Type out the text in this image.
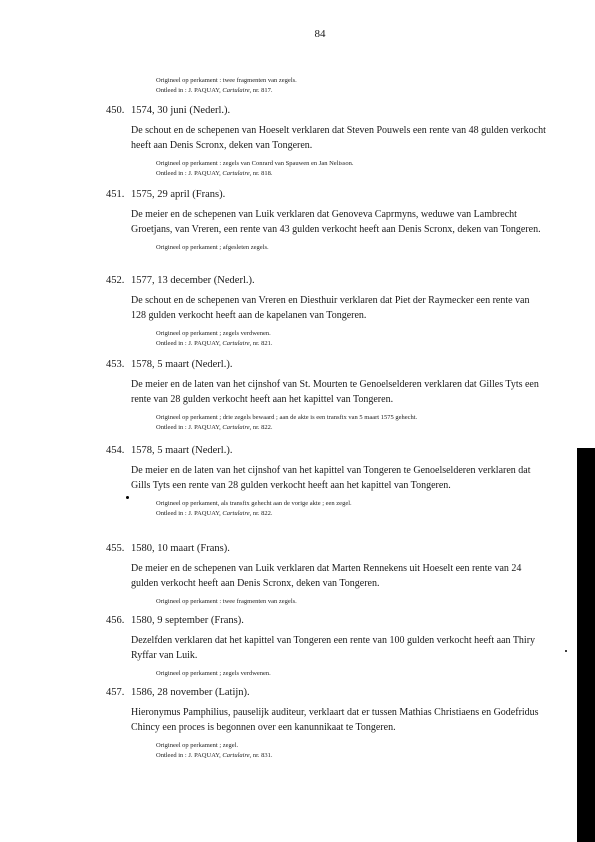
84
Origineel op perkament : twee fragmenten van zegels.
Ontleed in : J. PAQUAY, Cartulaire, nr. 817.
450. 1574, 30 juni (Nederl.).
De schout en de schepenen van Hoeselt verklaren dat Steven Pouwels een rente van 48 gulden verkocht heeft aan Denis Scronx, deken van Tongeren.
Origineel op perkament : zegels van Conrard van Spauwen en Jan Nelisson.
Ontleed in : J. PAQUAY, Cartulaire, nr. 818.
451. 1575, 29 april (Frans).
De meier en de schepenen van Luik verklaren dat Genoveva Caprmyns, weduwe van Lambrecht Groetjans, van Vreren, een rente van 43 gulden verkocht heeft aan Denis Scronx, deken van Tongeren.
Origineel op perkament ; afgesleten zegels.
452. 1577, 13 december (Nederl.).
De schout en de schepenen van Vreren en Diesthuir verklaren dat Piet der Raymecker een rente van 128 gulden verkocht heeft aan de kapelanen van Tongeren.
Origineel op perkament ; zegels verdwenen.
Ontleed in : J. PAQUAY, Cartulaire, nr. 821.
453. 1578, 5 maart (Nederl.).
De meier en de laten van het cijnshof van St. Mourten te Genoelselderen verklaren dat Gilles Tyts een rente van 28 gulden verkocht heeft aan het kapittel van Tongeren.
Origineel op perkament ; drie zegels bewaard ; aan de akte is een transfix van 5 maart 1575 gehecht.
Ontleed in : J. PAQUAY, Cartulaire, nr. 822.
454. 1578, 5 maart (Nederl.).
De meier en de laten van het cijnshof van het kapittel van Tongeren te Genoelselderen verklaren dat Gills Tyts een rente van 28 gulden verkocht heeft aan het kapittel van Tongeren.
Origineel op perkament, als transfix gehecht aan de vorige akte ; een zegel.
Ontleed in : J. PAQUAY, Cartulaire, nr. 822.
455. 1580, 10 maart (Frans).
De meier en de schepenen van Luik verklaren dat Marten Rennekens uit Hoeselt een rente van 24 gulden verkocht heeft aan Denis Scronx, deken van Tongeren.
Origineel op perkament : twee fragmenten van zegels.
456. 1580, 9 september (Frans).
Dezelfden verklaren dat het kapittel van Tongeren een rente van 100 gulden verkocht heeft aan Thiry Ryffar van Luik.
Origineel op perkament ; zegels verdwenen.
457. 1586, 28 november (Latijn).
Hieronymus Pamphilius, pauselijk auditeur, verklaart dat er tussen Mathias Christiaens en Godefridus Chincy een proces is begonnen over een kanunnikaat te Tongeren.
Origineel op perkament ; zegel.
Ontleed in : J. PAQUAY, Cartulaire, nr. 831.
